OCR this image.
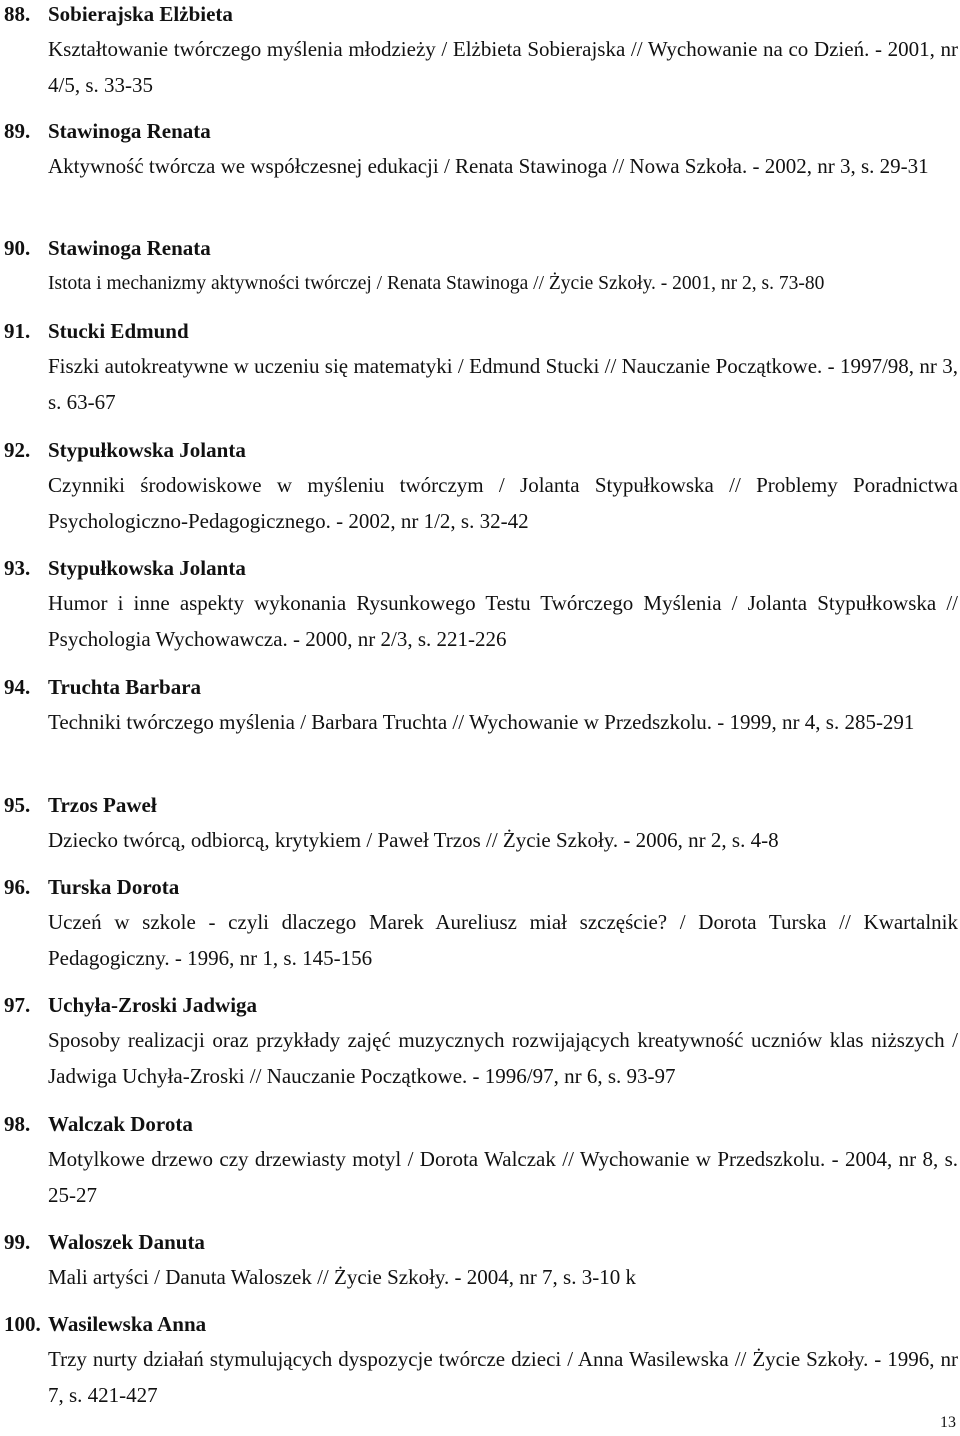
88. Sobierajska Elżbieta
Kształtowanie twórczego myślenia młodzieży / Elżbieta Sobierajska // Wychowanie na co Dzień. - 2001, nr 4/5, s. 33-35
89. Stawinoga Renata
Aktywność twórcza we współczesnej edukacji / Renata Stawinoga // Nowa Szkoła. - 2002, nr 3, s. 29-31
90. Stawinoga Renata
Istota i mechanizmy aktywności twórczej / Renata Stawinoga // Życie Szkoły. - 2001, nr 2, s. 73-80
91. Stucki Edmund
Fiszki autokreatywne w uczeniu się matematyki / Edmund Stucki // Nauczanie Początkowe. - 1997/98, nr 3, s. 63-67
92. Stypułkowska Jolanta
Czynniki środowiskowe w myśleniu twórczym / Jolanta Stypułkowska // Problemy Poradnictwa Psychologiczno-Pedagogicznego. - 2002, nr 1/2, s. 32-42
93. Stypułkowska Jolanta
Humor i inne aspekty wykonania Rysunkowego Testu Twórczego Myślenia / Jolanta Stypułkowska // Psychologia Wychowawcza. - 2000, nr 2/3, s. 221-226
94. Truchta Barbara
Techniki twórczego myślenia / Barbara Truchta // Wychowanie w Przedszkolu. - 1999, nr 4, s. 285-291
95. Trzos Paweł
Dziecko twórcą, odbiorcą, krytykiem / Paweł Trzos // Życie Szkoły. - 2006, nr 2, s. 4-8
96. Turska Dorota
Uczeń w szkole - czyli dlaczego Marek Aureliusz miał szczęście? / Dorota Turska // Kwartalnik Pedagogiczny. - 1996, nr 1, s. 145-156
97. Uchyła-Zroski Jadwiga
Sposoby realizacji oraz przykłady zajęć muzycznych rozwijających kreatywność uczniów klas niższych / Jadwiga Uchyła-Zroski // Nauczanie Początkowe. - 1996/97, nr 6, s. 93-97
98. Walczak Dorota
Motylkowe drzewo czy drzewiasty motyl / Dorota Walczak // Wychowanie w Przedszkolu. - 2004, nr 8, s. 25-27
99. Waloszek Danuta
Mali artyści / Danuta Waloszek // Życie Szkoły. - 2004, nr 7, s. 3-10 k
100. Wasilewska Anna
Trzy nurty działań stymulujących dyspozycje twórcze dzieci / Anna Wasilewska // Życie Szkoły. - 1996, nr 7, s. 421-427
13
